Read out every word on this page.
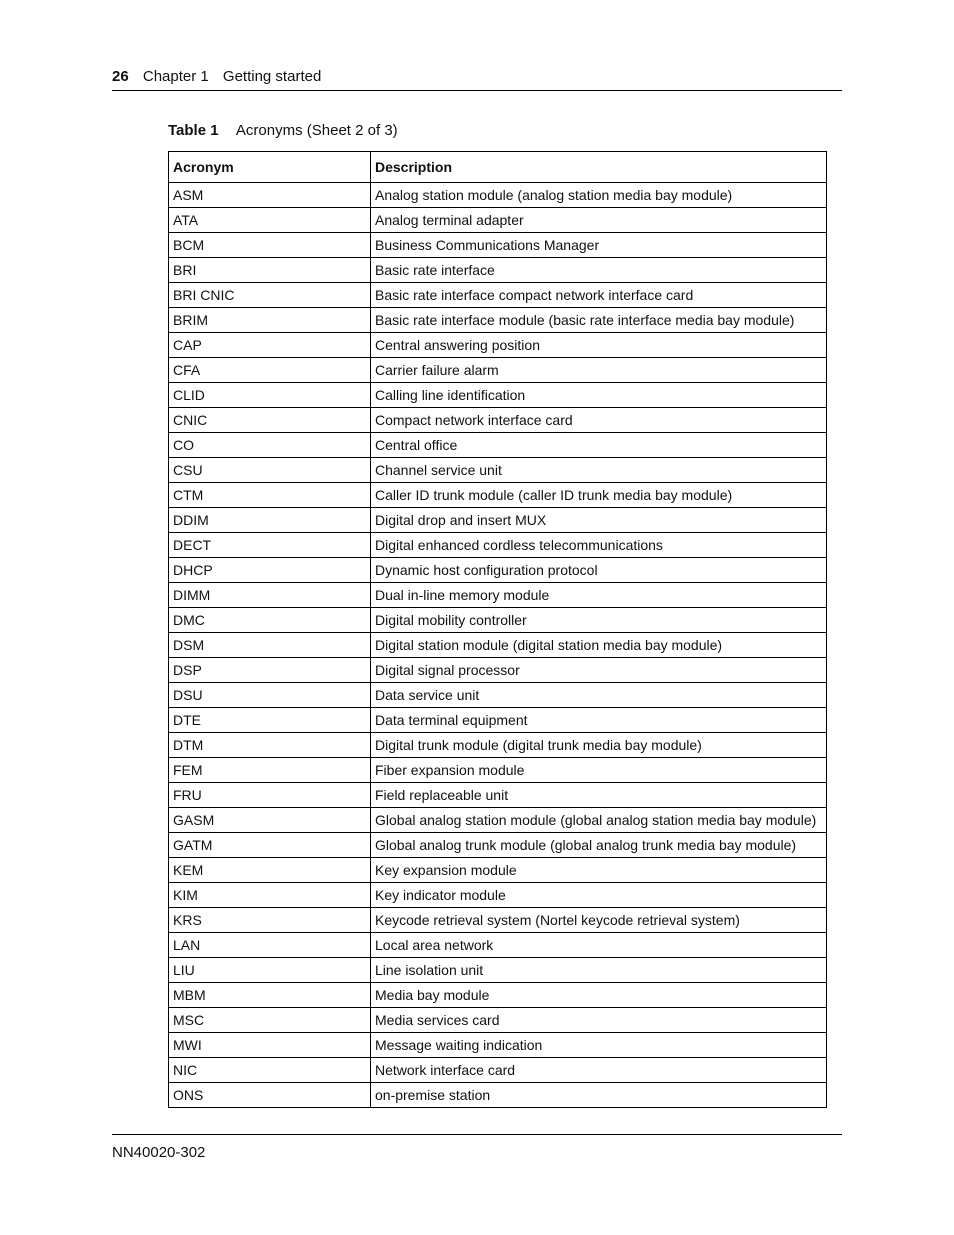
26 Chapter 1 Getting started
Table 1 Acronyms (Sheet 2 of 3)
Acronym	Description
ASM	Analog station module (analog station media bay module)
ATA	Analog terminal adapter
BCM	Business Communications Manager
BRI	Basic rate interface
BRI CNIC	Basic rate interface compact network interface card
BRIM	Basic rate interface module (basic rate interface media bay module)
CAP	Central answering position
CFA	Carrier failure alarm
CLID	Calling line identification
CNIC	Compact network interface card
CO	Central office
CSU	Channel service unit
CTM	Caller ID trunk module (caller ID trunk media bay module)
DDIM	Digital drop and insert MUX
DECT	Digital enhanced cordless telecommunications
DHCP	Dynamic host configuration protocol
DIMM	Dual in-line memory module
DMC	Digital mobility controller
DSM	Digital station module (digital station media bay module)
DSP	Digital signal processor
DSU	Data service unit
DTE	Data terminal equipment
DTM	Digital trunk module (digital trunk media bay module)
FEM	Fiber expansion module
FRU	Field replaceable unit
GASM	Global analog station module (global analog station media bay module)
GATM	Global analog trunk module (global analog trunk media bay module)
KEM	Key expansion module
KIM	Key indicator module
KRS	Keycode retrieval system (Nortel keycode retrieval system)
LAN	Local area network
LIU	Line isolation unit
MBM	Media bay module
MSC	Media services card
MWI	Message waiting indication
NIC	Network interface card
ONS	on-premise station
NN40020-302
